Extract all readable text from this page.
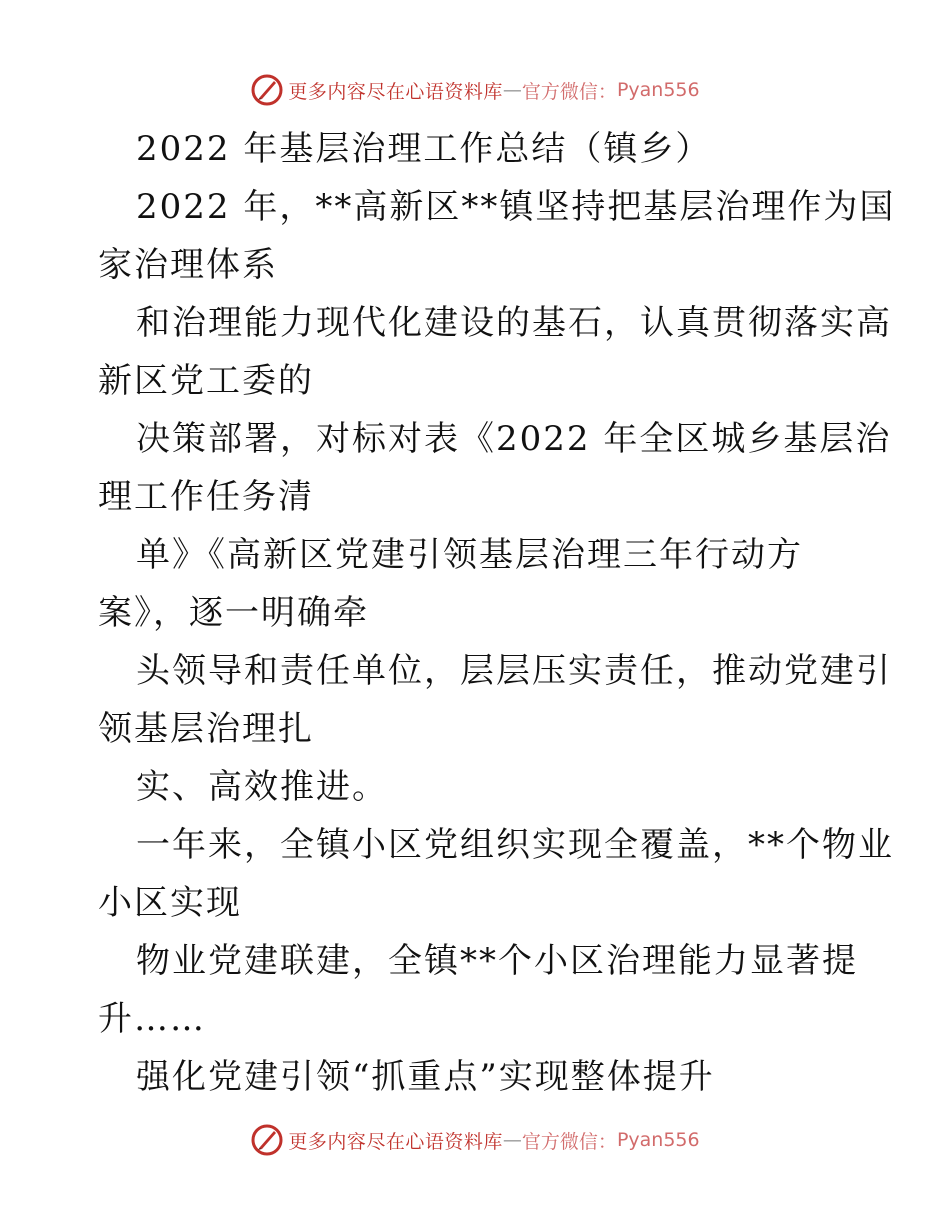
更多内容尽在心语资料库 — 官方微信： Pyan556
2022 年基层治理工作总结（镇乡）
2022 年，**高新区**镇坚持把基层治理作为国
家治理体系
和治理能力现代化建设的基石，认真贯彻落实高
新区党工委的
决策部署，对标对表《2022 年全区城乡基层治
理工作任务清
单》《高新区党建引领基层治理三年行动方
案》，逐一明确牵
头领导和责任单位，层层压实责任，推动党建引
领基层治理扎
实、高效推进。
一年来，全镇小区党组织实现全覆盖，**个物业
小区实现
物业党建联建，全镇**个小区治理能力显著提
升……
强化党建引领“抓重点”实现整体提升
更多内容尽在心语资料库 — 官方微信： Pyan556
